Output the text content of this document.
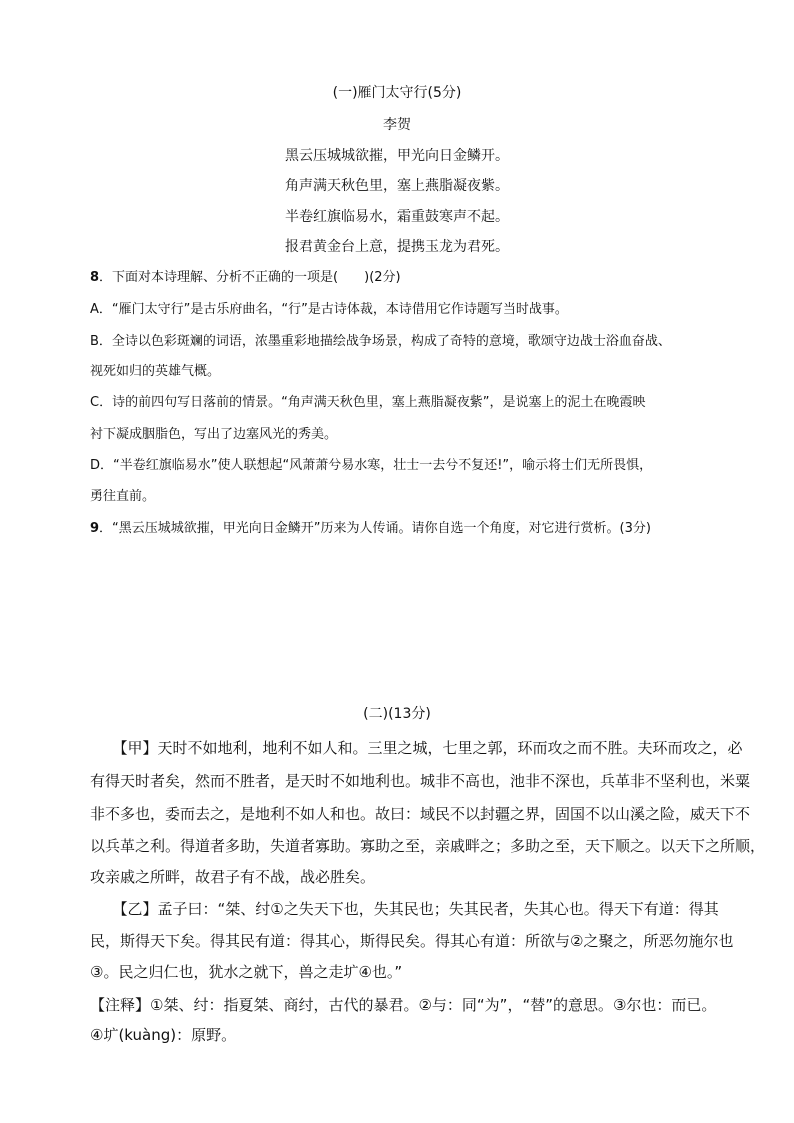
(一)雁门太守行(5分)
李贺
黑云压城城欲摧，甲光向日金鳞开。
角声满天秋色里，塞上燕脂凝夜紫。
半卷红旗临易水，霜重鼓寒声不起。
报君黄金台上意，提携玉龙为君死。
8．下面对本诗理解、分析不正确的一项是(　　)(2分)
A．“雁门太守行”是古乐府曲名，“行”是古诗体裁，本诗借用它作诗题写当时战事。
B．全诗以色彩斑斓的词语，浓墨重彩地描绘战争场景，构成了奇特的意境，歌颂守边战士浴血奋战、
视死如归的英雄气概。
C．诗的前四句写日落前的情景。“角声满天秋色里，塞上燕脂凝夜紫”，是说塞上的泥土在晚霞映
衬下凝成胭脂色，写出了边塞风光的秀美。
D．“半卷红旗临易水”使人联想起“风萧萧兮易水寒，壮士一去兮不复还!”，喻示将士们无所畏惧，
勇往直前。
9．“黑云压城城欲摧，甲光向日金鳞开”历来为人传诵。请你自选一个角度，对它进行赏析。(3分)
(二)(13分)
　　【甲】天时不如地利，地利不如人和。三里之城，七里之郭，环而攻之而不胜。夫环而攻之，必
有得天时者矣，然而不胜者，是天时不如地利也。城非不高也，池非不深也，兵革非不坚利也，米粟
非不多也，委而去之，是地利不如人和也。故曰：域民不以封疆之界，固国不以山溪之险，威天下不
以兵革之利。得道者多助，失道者寡助。寡助之至，亲戚畔之；多助之至，天下顺之。以天下之所顺，
攻亲戚之所畔，故君子有不战，战必胜矣。
　　【乙】孟子曰：“桀、纣①之失天下也，失其民也；失其民者，失其心也。得天下有道：得其
民，斯得天下矣。得其民有道：得其心，斯得民矣。得其心有道：所欲与②之聚之，所恶勿施尔也
③。民之归仁也，犹水之就下，兽之走圹④也。”
【注释】①桀、纣：指夏桀、商纣，古代的暴君。②与：同“为”，“替”的意思。③尔也：而已。
④圹(kuàng)：原野。
